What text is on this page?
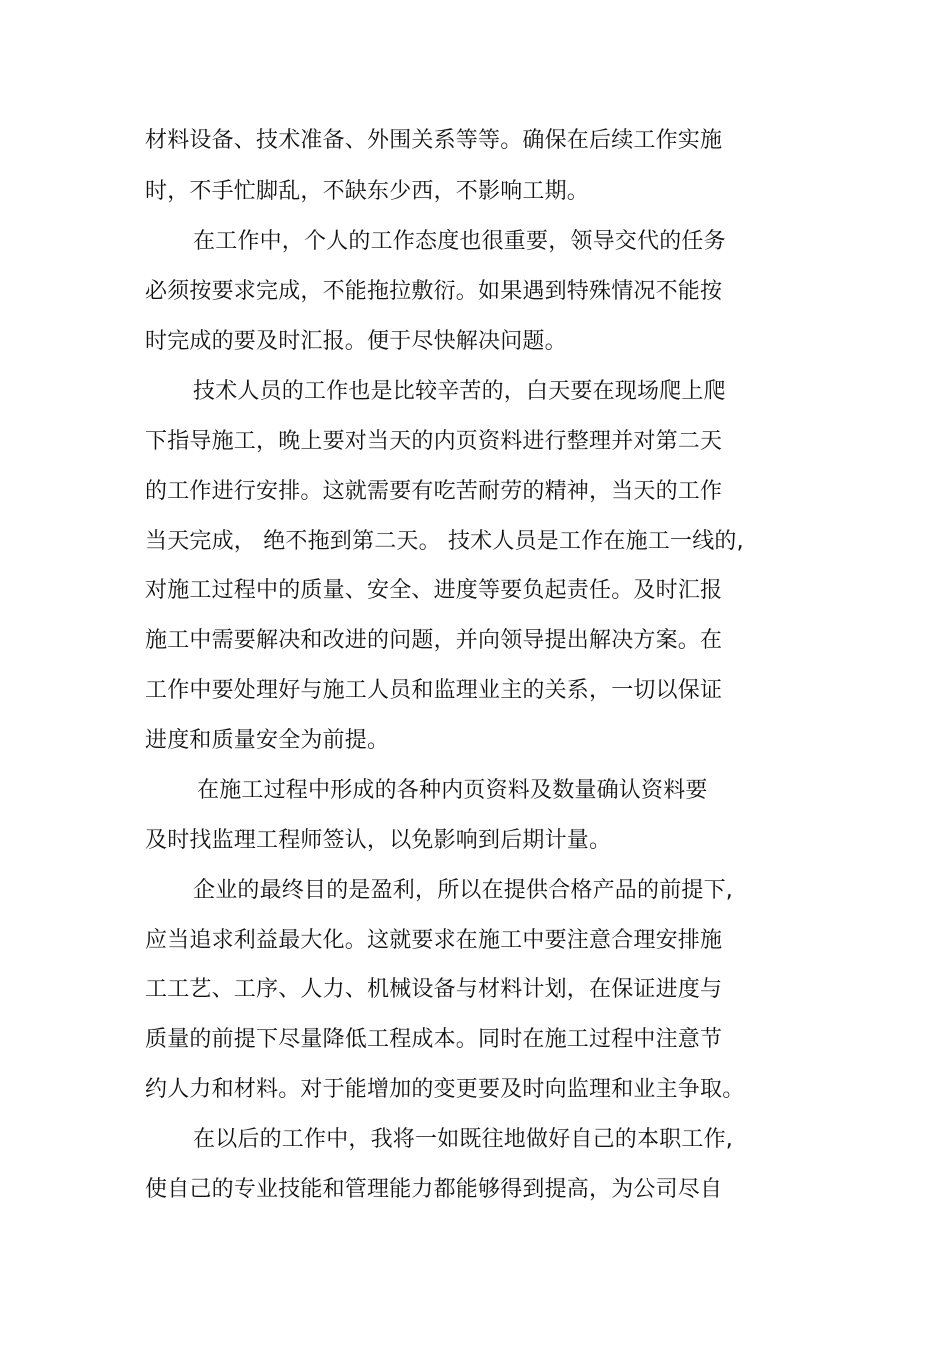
材料设备、技术准备、外围关系等等。确保在后续工作实施
时，不手忙脚乱，不缺东少西，不影响工期。
在工作中，个人的工作态度也很重要，领导交代的任务
必须按要求完成，不能拖拉敷衍。如果遇到特殊情况不能按
时完成的要及时汇报。便于尽快解决问题。
技术人员的工作也是比较辛苦的，白天要在现场爬上爬
下指导施工，晚上要对当天的内页资料进行整理并对第二天
的工作进行安排。这就需要有吃苦耐劳的精神，当天的工作
当天完成， 绝不拖到第二天。 技术人员是工作在施工一线的,
对施工过程中的质量、安全、进度等要负起责任。及时汇报
施工中需要解决和改进的问题，并向领导提出解决方案。在
工作中要处理好与施工人员和监理业主的关系，一切以保证
进度和质量安全为前提。
在施工过程中形成的各种内页资料及数量确认资料要
及时找监理工程师签认，以免影响到后期计量。
企业的最终目的是盈利，所以在提供合格产品的前提下,
应当追求利益最大化。这就要求在施工中要注意合理安排施
工工艺、工序、人力、机械设备与材料计划，在保证进度与
质量的前提下尽量降低工程成本。同时在施工过程中注意节
约人力和材料。对于能增加的变更要及时向监理和业主争取。
在以后的工作中，我将一如既往地做好自己的本职工作,
使自己的专业技能和管理能力都能够得到提高，为公司尽自
